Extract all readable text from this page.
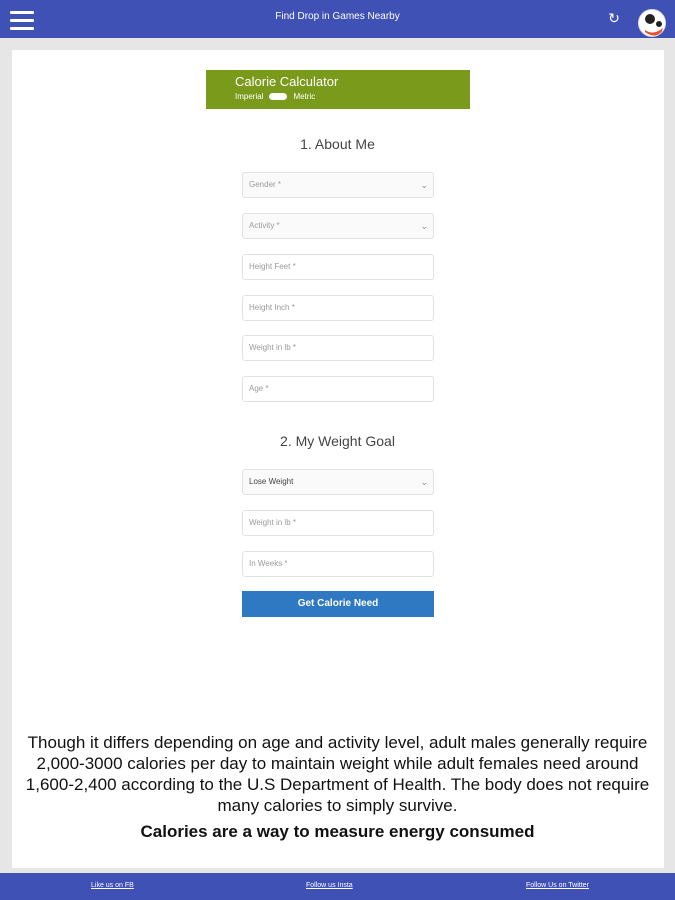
Find Drop in Games Nearby	↻
Calorie Calculator
Imperial	Metric
1. About Me
Gender *	⌄
Activity *	⌄
Height Feet *
Height Inch *
Weight in lb *
Age *
2. My Weight Goal
Lose Weight	⌄
Weight in lb *
In Weeks *
Get Calorie Need
Though it differs depending on age and activity level, adult males generally require 2,000-3000 calories per day to maintain weight while adult females need around 1,600-2,400 according to the U.S Department of Health. The body does not require many calories to simply survive.
Calories are a way to measure energy consumed
Like us on FB	Follow us Insta	Follow Us on Twitter
